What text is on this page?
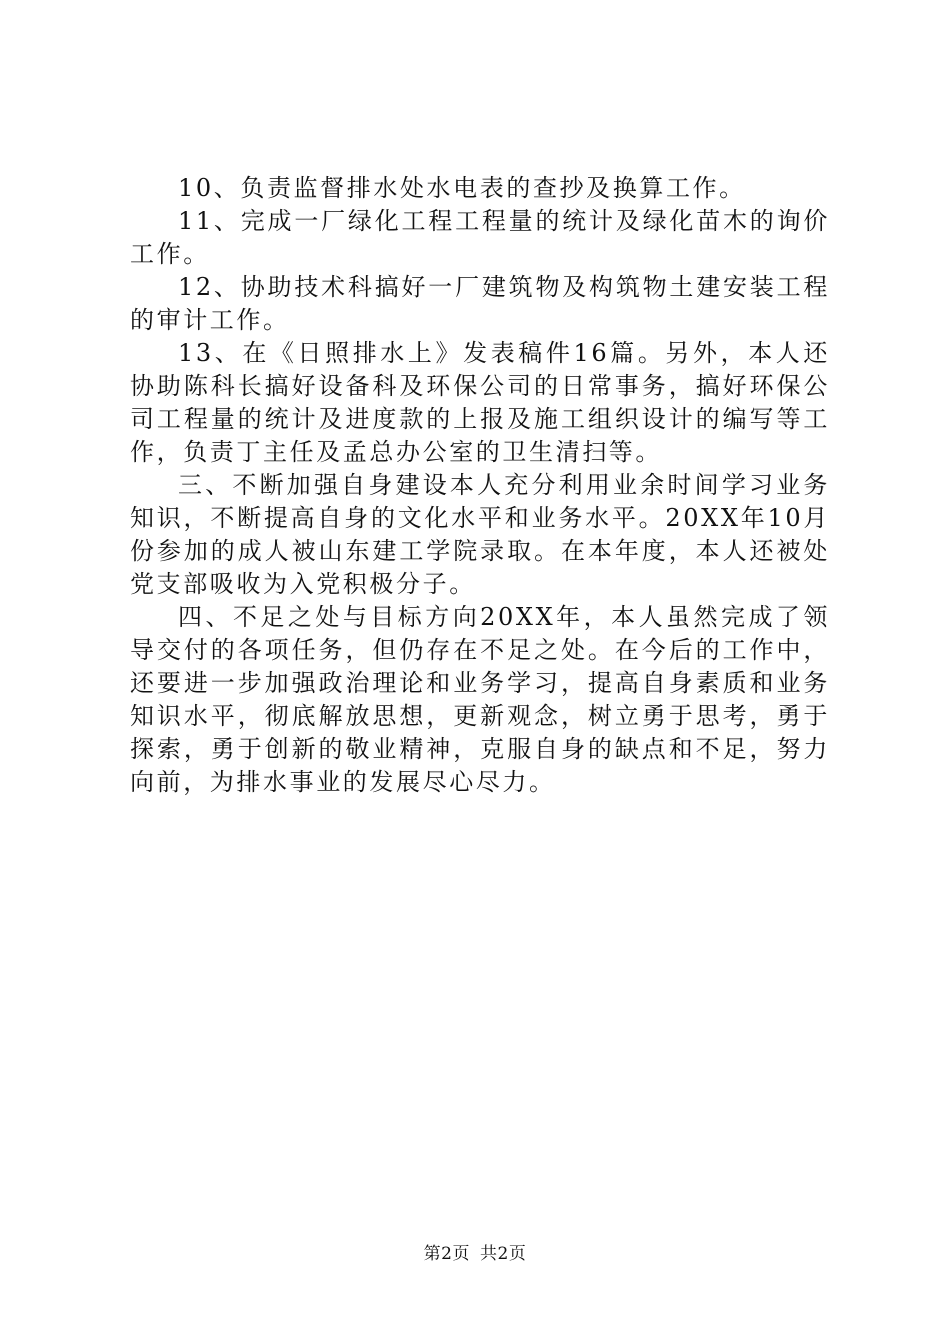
10、负责监督排水处水电表的查抄及换算工作。

11、完成一厂绿化工程工程量的统计及绿化苗木的询价工作。

12、协助技术科搞好一厂建筑物及构筑物土建安装工程的审计工作。

13、在《日照排水上》发表稿件16篇。另外，本人还协助陈科长搞好设备科及环保公司的日常事务，搞好环保公司工程量的统计及进度款的上报及施工组织设计的编写等工作，负责丁主任及孟总办公室的卫生清扫等。

三、不断加强自身建设本人充分利用业余时间学习业务知识，不断提高自身的文化水平和业务水平。20XX年10月份参加的成人被山东建工学院录取。在本年度，本人还被处党支部吸收为入党积极分子。

四、不足之处与目标方向20XX年，本人虽然完成了领导交付的各项任务，但仍存在不足之处。在今后的工作中，还要进一步加强政治理论和业务学习，提高自身素质和业务知识水平，彻底解放思想，更新观念，树立勇于思考，勇于探索，勇于创新的敬业精神，克服自身的缺点和不足，努力向前，为排水事业的发展尽心尽力。

第2页 共2页
